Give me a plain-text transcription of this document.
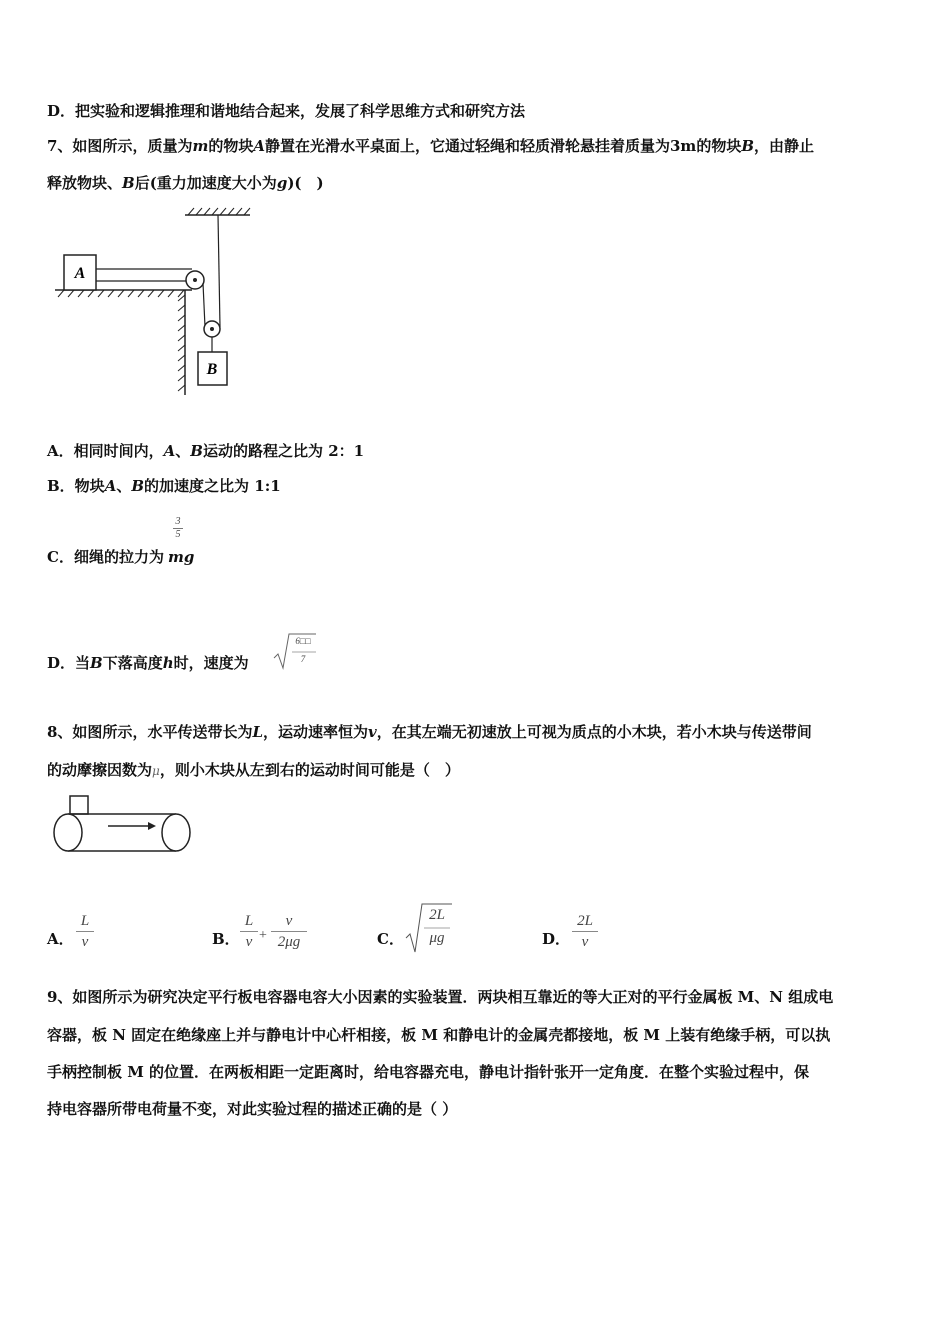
D．把实验和逻辑推理和谐地结合起来，发展了科学思维方式和研究方法
7、如图所示，质量为m的物块A静置在光滑水平桌面上，它通过轻绳和轻质滑轮悬挂着质量为3m的物块B，由静止
释放物块、B后(重力加速度大小为g)(　)
A
B
A．相同时间内，A、B运动的路程之比为 2：1
B．物块A、B的加速度之比为 1:1
$\frac{3}{5}$
C．细绳的拉力为 mg
D．当B下落高度h时，速度为
6□□
7
8、如图所示，水平传送带长为L，运动速率恒为v，在其左端无初速放上可视为质点的小木块，若小木块与传送带间
的动摩擦因数为μ，则小木块从左到右的运动时间可能是（　）
A． $\frac{L}{v}$	B． $\frac{L}{v} + \frac{v}{2\mu g}$	C．
2L
μg	D． $\frac{2L}{v}$
9、如图所示为研究决定平行板电容器电容大小因素的实验装置．两块相互靠近的等大正对的平行金属板 M、N 组成电
容器，板 N 固定在绝缘座上并与静电计中心杆相接，板 M 和静电计的金属壳都接地，板 M 上装有绝缘手柄，可以执
手柄控制板 M 的位置．在两板相距一定距离时，给电容器充电，静电计指针张开一定角度．在整个实验过程中，保
持电容器所带电荷量不变，对此实验过程的描述正确的是（ ）
